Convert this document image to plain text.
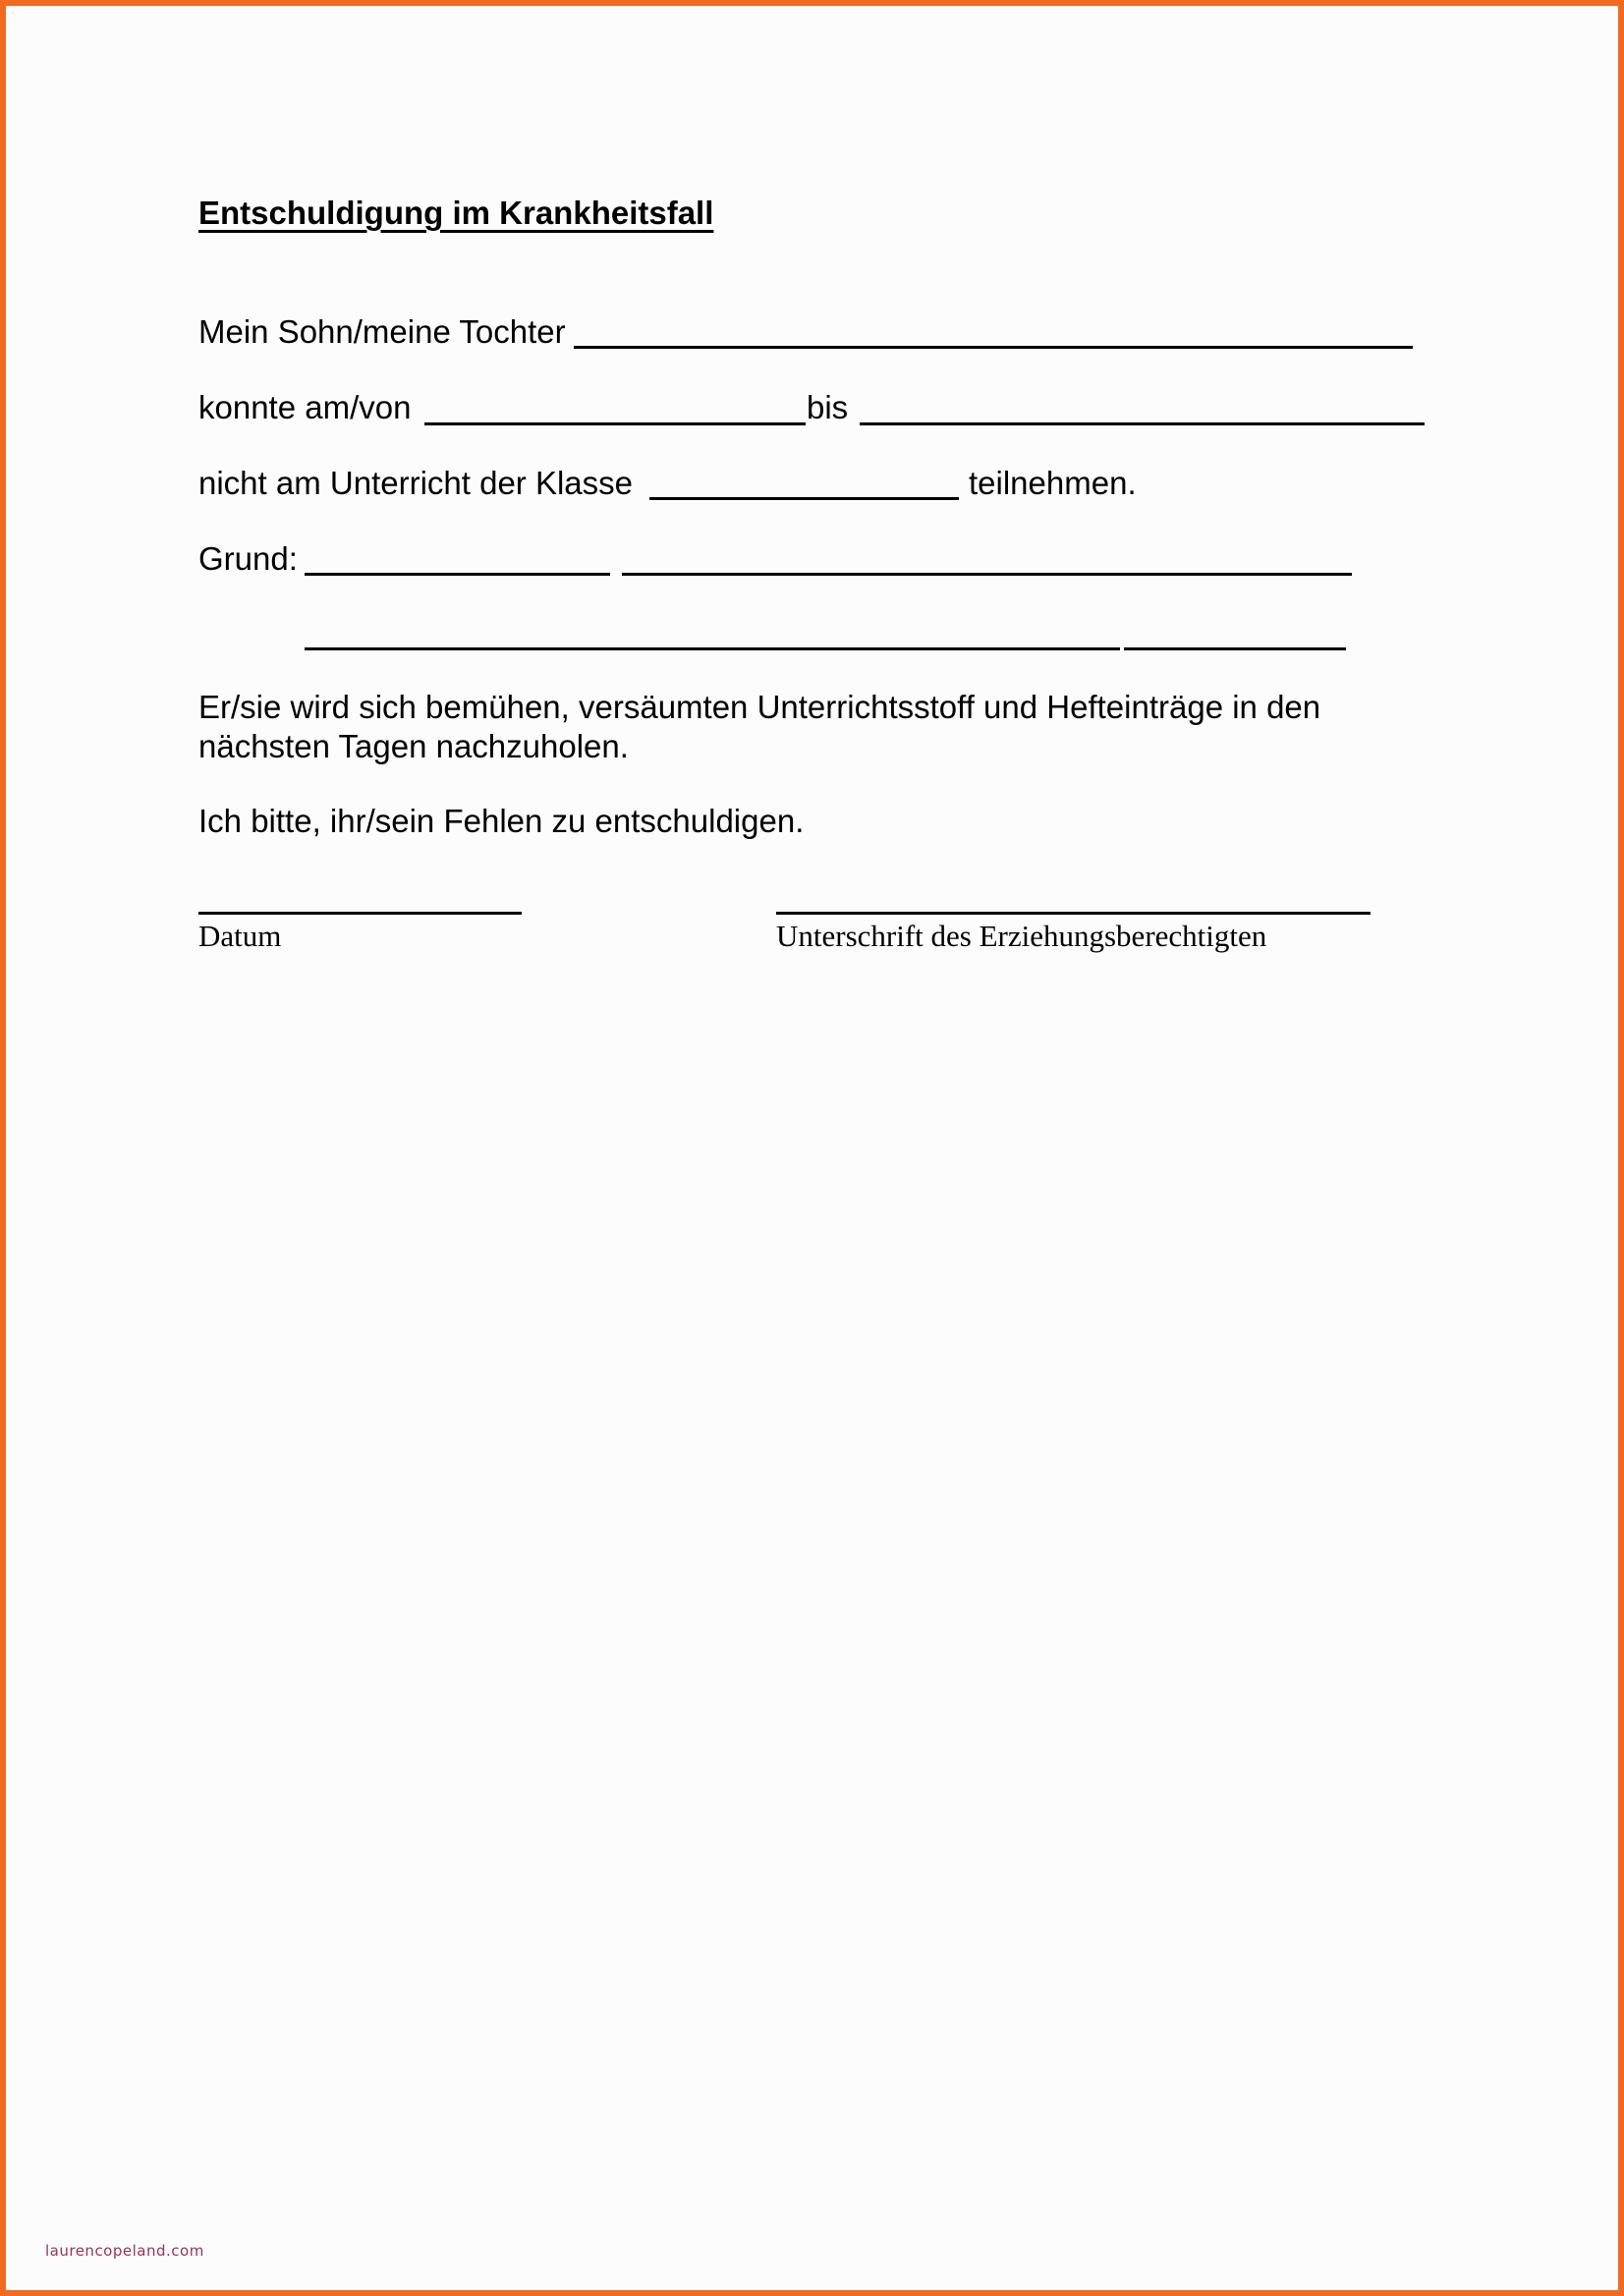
Entschuldigung im Krankheitsfall
Mein Sohn/meine Tochter
konnte am/von	bis
nicht am Unterricht der Klasse	teilnehmen.
Grund:
Er/sie wird sich bemühen, versäumten Unterrichtsstoff und Hefteinträge in den nächsten Tagen nachzuholen.
Ich bitte, ihr/sein Fehlen zu entschuldigen.
Datum	Unterschrift des Erziehungsberechtigten
laurencopeland.com
